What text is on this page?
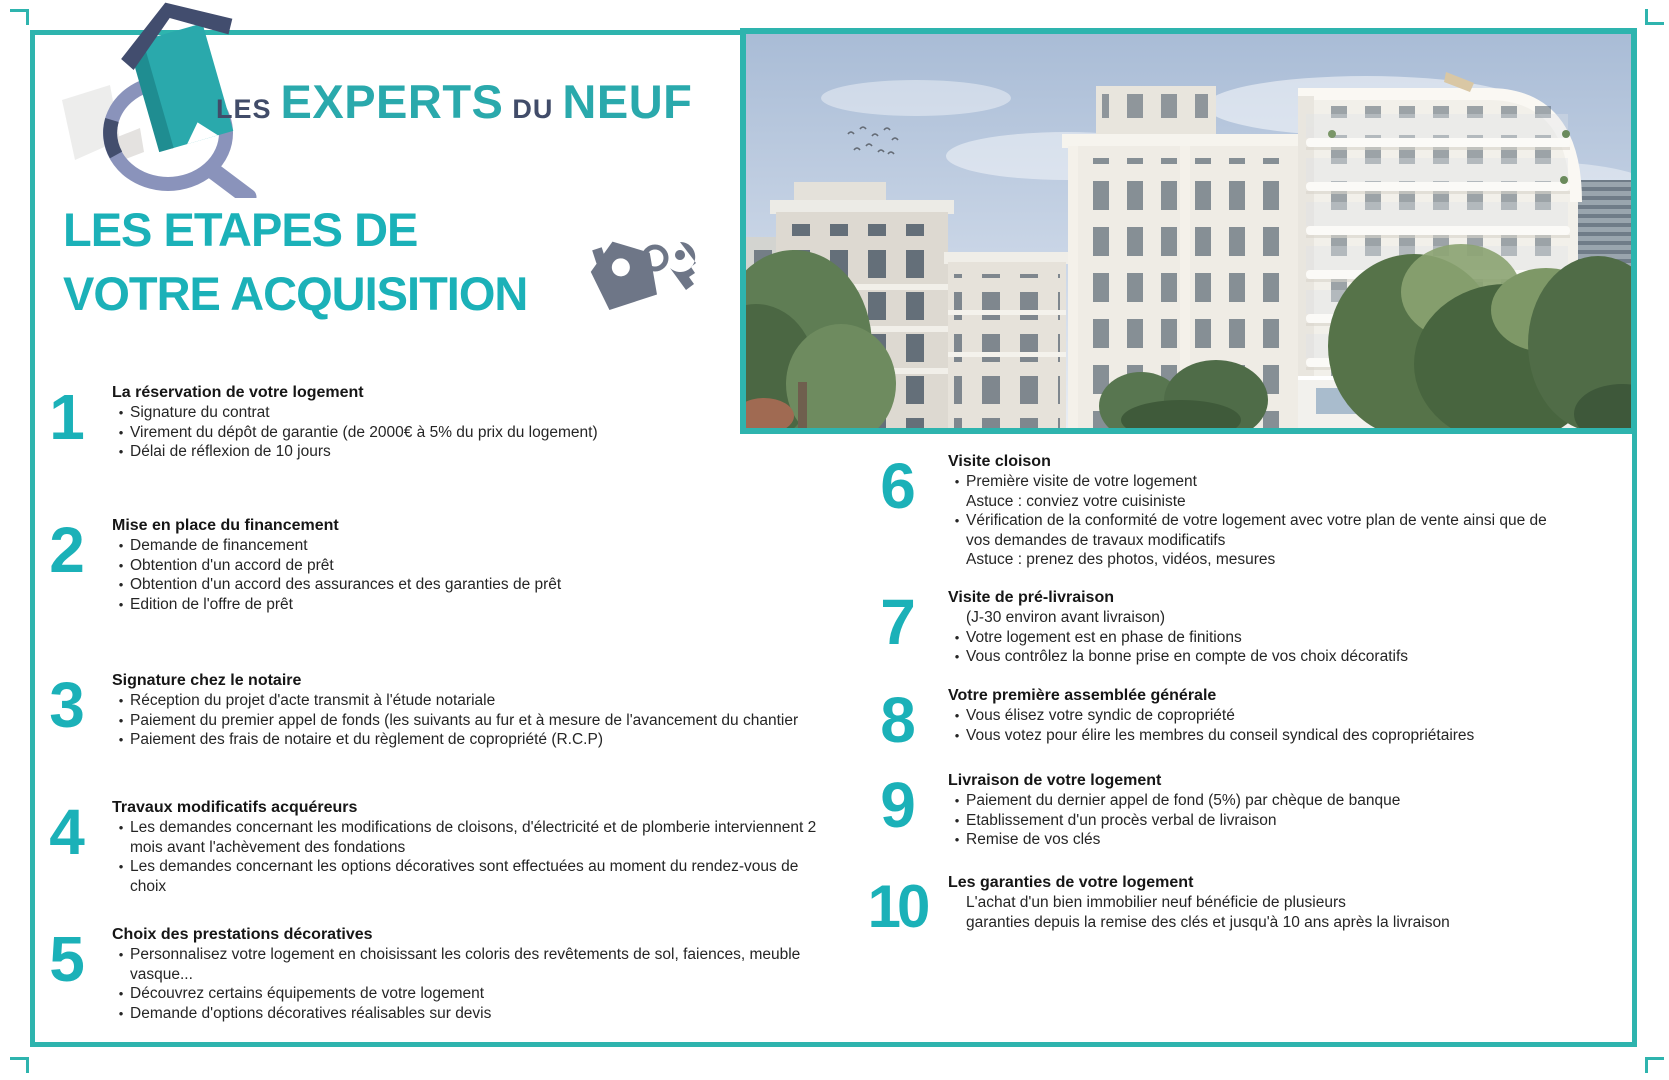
LES EXPERTS DU NEUF
LES ETAPES DE
VOTRE ACQUISITION
1	La réservation de votre logement
• Signature du contrat
• Virement du dépôt de garantie (de 2000€ à 5% du prix du logement)
• Délai de réflexion de 10 jours
2	Mise en place du financement
• Demande de financement
• Obtention d'un accord de prêt
• Obtention d'un accord des assurances et des garanties de prêt
• Edition de l'offre de prêt
3	Signature chez le notaire
• Réception du projet d'acte transmit à l'étude notariale
• Paiement du premier appel de fonds (les suivants au fur et à mesure de l'avancement du chantier
• Paiement des frais de notaire et du règlement de copropriété (R.C.P)
4	Travaux modificatifs acquéreurs
• Les demandes concernant les modifications de cloisons, d'électricité et de plomberie interviennent 2 mois avant l'achèvement des fondations
• Les demandes concernant les options décoratives sont effectuées au moment du rendez-vous de choix
5	Choix des prestations décoratives
• Personnalisez votre logement en choisissant les coloris des revêtements de sol, faiences, meuble vasque...
• Découvrez certains équipements de votre logement
• Demande d'options décoratives réalisables sur devis
6	Visite cloison
• Première visite de votre logement
Astuce : conviez votre cuisiniste
• Vérification de la conformité de votre logement avec votre plan de vente ainsi que de vos demandes de travaux modificatifs
Astuce : prenez des photos, vidéos, mesures
7	Visite de pré-livraison
(J-30 environ avant livraison)
• Votre logement est en phase de finitions
• Vous contrôlez la bonne prise en compte de vos choix décoratifs
8	Votre première assemblée générale
• Vous élisez votre syndic de copropriété
• Vous votez pour élire les membres du conseil syndical des copropriétaires
9	Livraison de votre logement
• Paiement du dernier appel de fond (5%) par chèque de banque
• Etablissement d'un procès verbal de livraison
• Remise de vos clés
10	Les garanties de votre logement
L'achat d'un bien immobilier neuf bénéficie de plusieurs
garanties depuis la remise des clés et jusqu'à 10 ans après la livraison
